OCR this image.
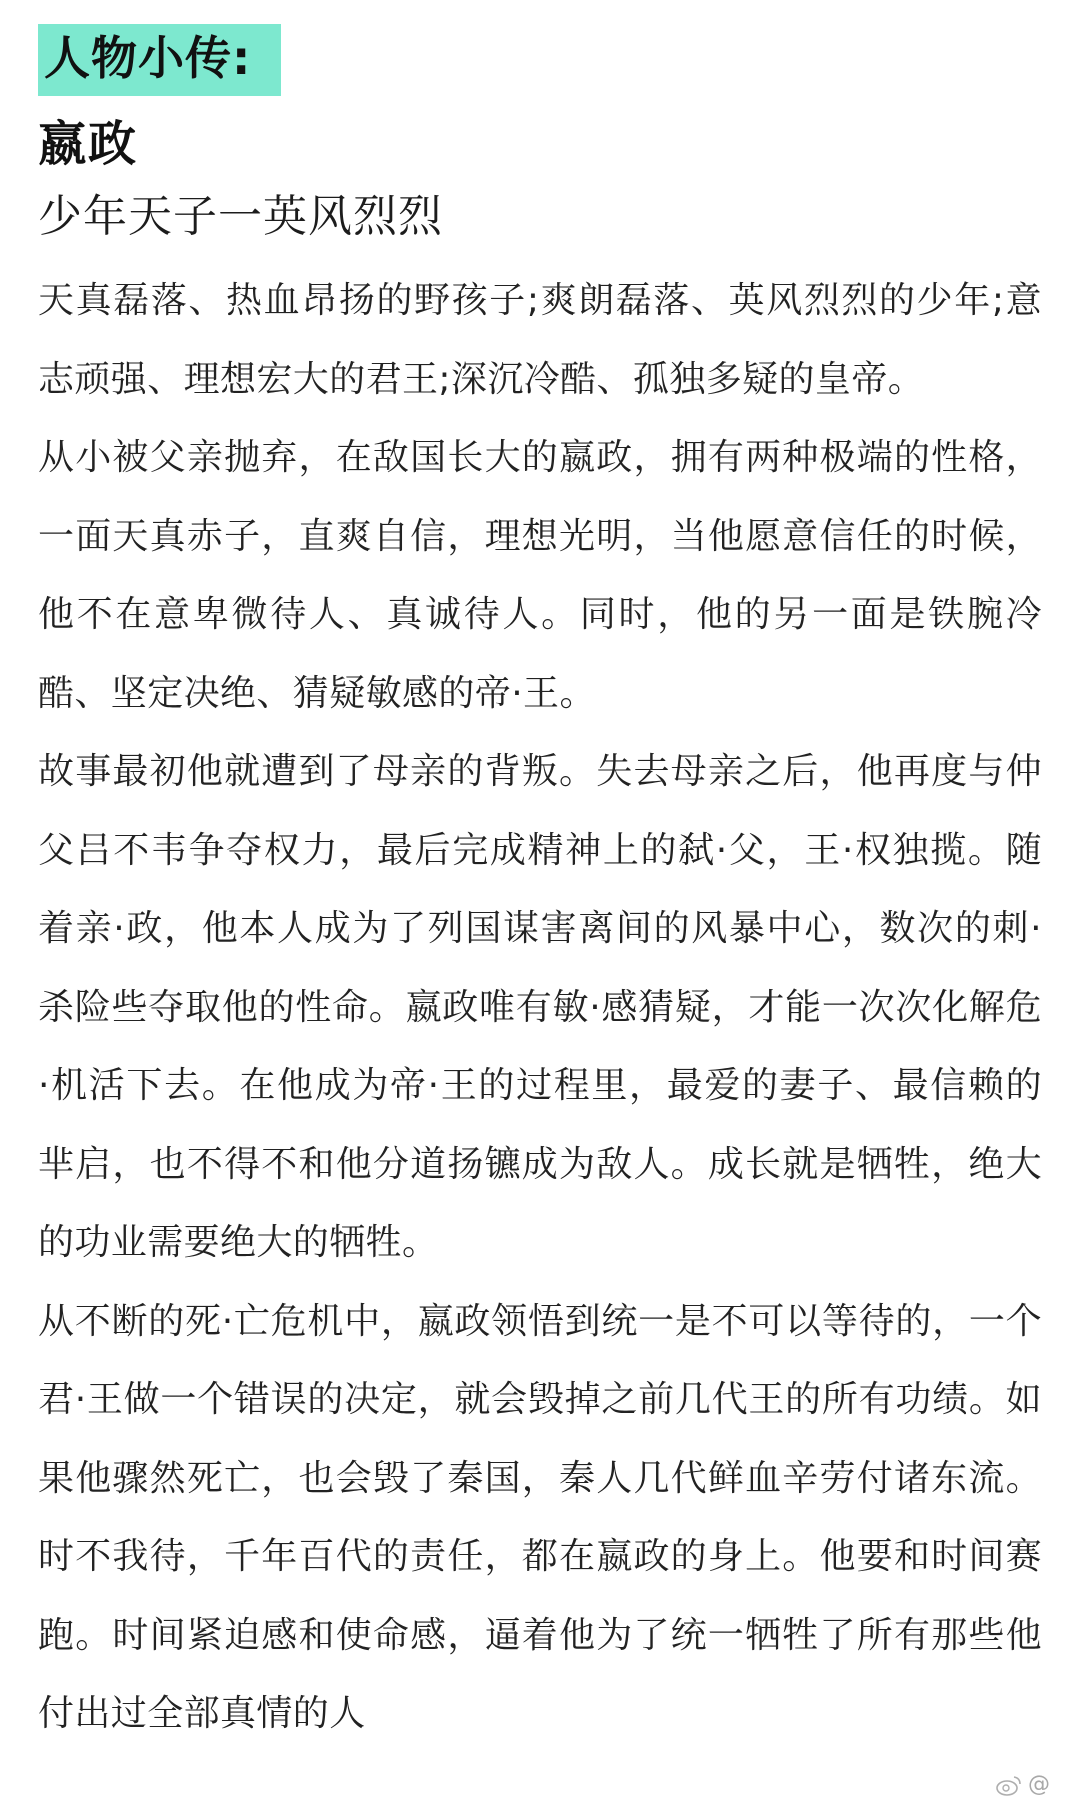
人物小传:
嬴政
少年天子一英风烈烈

天真磊落、热血昂扬的野孩子;爽朗磊落、英风烈烈的少年;意志顽强、理想宏大的君王;深沉冷酷、孤独多疑的皇帝。

从小被父亲抛弃，在敌国长大的嬴政，拥有两种极端的性格，一面天真赤子，直爽自信，理想光明，当他愿意信任的时候，他不在意卑微待人、真诚待人。同时，他的另一面是铁腕冷酷、坚定决绝、猜疑敏感的帝·王。

故事最初他就遭到了母亲的背叛。失去母亲之后，他再度与仲父吕不韦争夺权力，最后完成精神上的弑·父，王·权独揽。随着亲·政，他本人成为了列国谋害离间的风暴中心，数次的刺·杀险些夺取他的性命。嬴政唯有敏·感猜疑，才能一次次化解危·机活下去。在他成为帝·王的过程里，最爱的妻子、最信赖的芈启，也不得不和他分道扬镳成为敌人。成长就是牺牲，绝大的功业需要绝大的牺牲。

从不断的死·亡危机中，嬴政领悟到统一是不可以等待的，一个君·王做一个错误的决定，就会毁掉之前几代王的所有功绩。如果他骤然死亡，也会毁了秦国，秦人几代鲜血辛劳付诸东流。时不我待，千年百代的责任，都在嬴政的身上。他要和时间赛跑。时间紧迫感和使命感，逼着他为了统一牺牲了所有那些他付出过全部真情的人

@
